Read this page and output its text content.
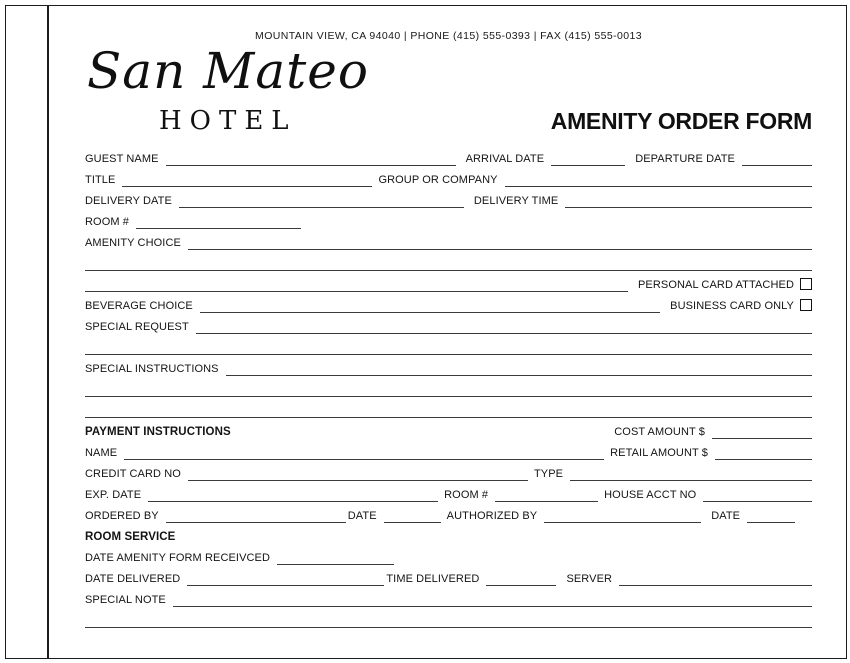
MOUNTAIN VIEW, CA 94040 | PHONE (415) 555-0393 | FAX (415) 555-0013
San Mateo
HOTEL	AMENITY ORDER FORM
GUEST NAME	ARRIVAL DATE	DEPARTURE DATE
TITLE	GROUP OR COMPANY
DELIVERY DATE	DELIVERY TIME
ROOM #
AMENITY CHOICE
PERSONAL CARD ATTACHED
BEVERAGE CHOICE	BUSINESS CARD ONLY
SPECIAL REQUEST
SPECIAL INSTRUCTIONS
PAYMENT INSTRUCTIONS	COST AMOUNT $
NAME	RETAIL AMOUNT $
CREDIT CARD NO	TYPE
EXP. DATE	ROOM #	HOUSE ACCT NO
ORDERED BY	DATE	AUTHORIZED BY	DATE
ROOM SERVICE
DATE AMENITY FORM RECEIVCED
DATE DELIVERED	TIME DELIVERED	SERVER
SPECIAL NOTE
